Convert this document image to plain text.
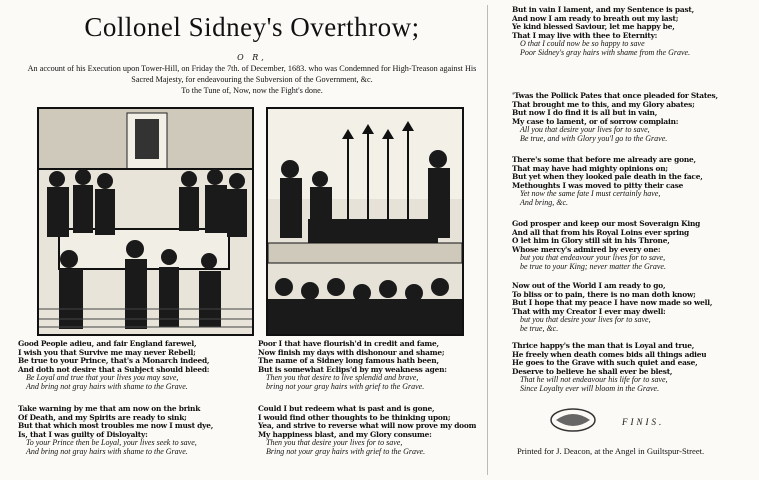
Collonel Sidney's Overthrow;
O R,
An account of his Execution upon Tower-Hill, on Friday the 7th. of December, 1683. who was Condemned for High-Treason against His Sacred Majesty, for endeavouring the Subversion of the Government, &c.
To the Tune of, Now, now the Fight's done.
Good People adieu, and fair England farewel,
I wish you that Survive me may never Rebell;
Be true to your Prince, that's a Monarch indeed,
And doth not desire that a Subject should bleed:
Be Loyal and true that your lives you may save,
And bring not gray hairs with shame to the Grave.
Take warning by me that am now on the brink
Of Death, and my Spirits are ready to sink;
But that which most troubles me now I must dye,
Is, that I was guilty of Disloyalty:
To your Prince then be Loyal, your lives seek to save,
And bring not gray hairs with shame to the Grave.
Poor I that have flourish'd in credit and fame,
Now finish my days with dishonour and shame;
The name of a Sidney long famous hath been,
But is somewhat Eclips'd by my weakness agen:
Then you that desire to live splendid and brave,
bring not your gray hairs with grief to the Grave.
Could I but redeem what is past and is gone,
I would find other thoughts to be thinking upon;
Yea, and strive to reverse what will now prove my doom
My happiness blast, and my Glory consume:
Then you that desire your lives for to save,
Bring not your gray hairs with grief to the Grave.
But in vain I lament, and my Sentence is past,
And now I am ready to breath out my last;
Ye kind blessed Saviour, let me happy be,
That I may live with thee to Eternity:
O that I could now be so happy to save
Poor Sidney's gray hairs with shame from the Grave.
'Twas the Pollick Pates that once pleaded for States,
That brought me to this, and my Glory abates;
But now I do find it is all but in vain,
My case to lament, or of sorrow complain:
All you that desire your lives for to save,
Be true, and with Glory you'l go to the Grave.
There's some that before me already are gone,
That may have had mighty opinions on;
But yet when they looked pale death in the face,
Methoughts I was moved to pitty their case
Yet now the same fate I must certainly have,
And bring, &c.
God prosper and keep our most Soveraign King
And all that from his Royal Loins ever spring
O let him in Glory still sit in his Throne,
Whose mercy's admired by every one:
but you that endeavour your lives for to save,
be true to your King; never matter the Grave.
Now out of the World I am ready to go,
To bliss or to pain, there is no man doth know;
But I hope that my peace I have now made so well,
That with my Creator I ever may dwell:
but you that desire your lives for to save,
be true, &c.
Thrice happy's the man that is Loyal and true,
He freely when death comes bids all things adieu
He goes to the Grave with such quiet and ease,
Deserve to believe he shall ever be blest,
That he will not endeavour his life for to save,
Since Loyalty ever will bloom in the Grave.
FINIS.
Printed for J. Deacon, at the Angel in Guiltspur-Street.
